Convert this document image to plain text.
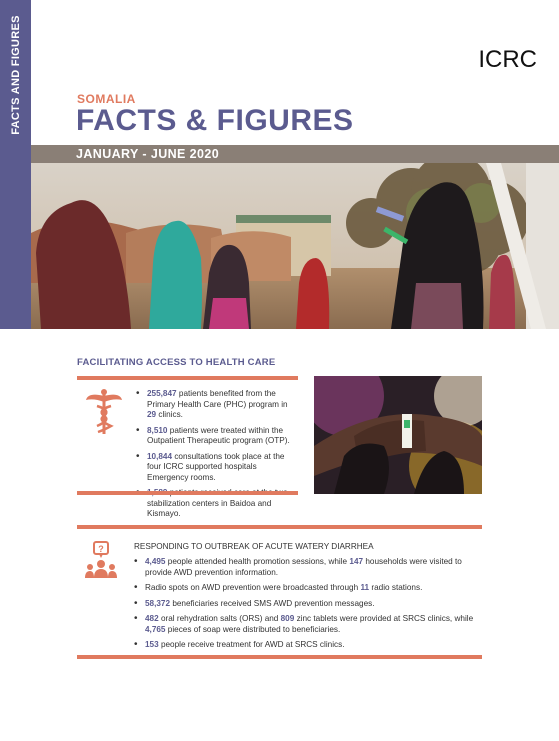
FACTS AND FIGURES	ICRC
SOMALIA
FACTS & FIGURES
JANUARY - JUNE 2020
FACILITATING ACCESS TO HEALTH CARE
• 255,847 patients benefited from the Primary Health Care (PHC) program in 29 clinics.
• 8,510 patients were treated within the Outpatient Therapeutic program (OTP).
• 10,844 consultations took place at the four ICRC supported hospitals Emergency rooms.
• stabilization centers in Baidoa and Kismayo.
RESPONDING TO OUTBREAK OF ACUTE WATERY DIARRHEA
?
• 4,495 people attended health promotion sessions, while 147 households were visited to provide AWD prevention information.
• Radio spots on AWD prevention were broadcasted through 11 radio stations.
• 58,372 beneficiaries received SMS AWD prevention messages.
• 482 oral rehydration salts (ORS) and 809 zinc tablets were provided at SRCS clinics, while 4,765 pieces of soap were distributed to beneficiaries.
• 153 people receive treatment for AWD at SRCS clinics.
